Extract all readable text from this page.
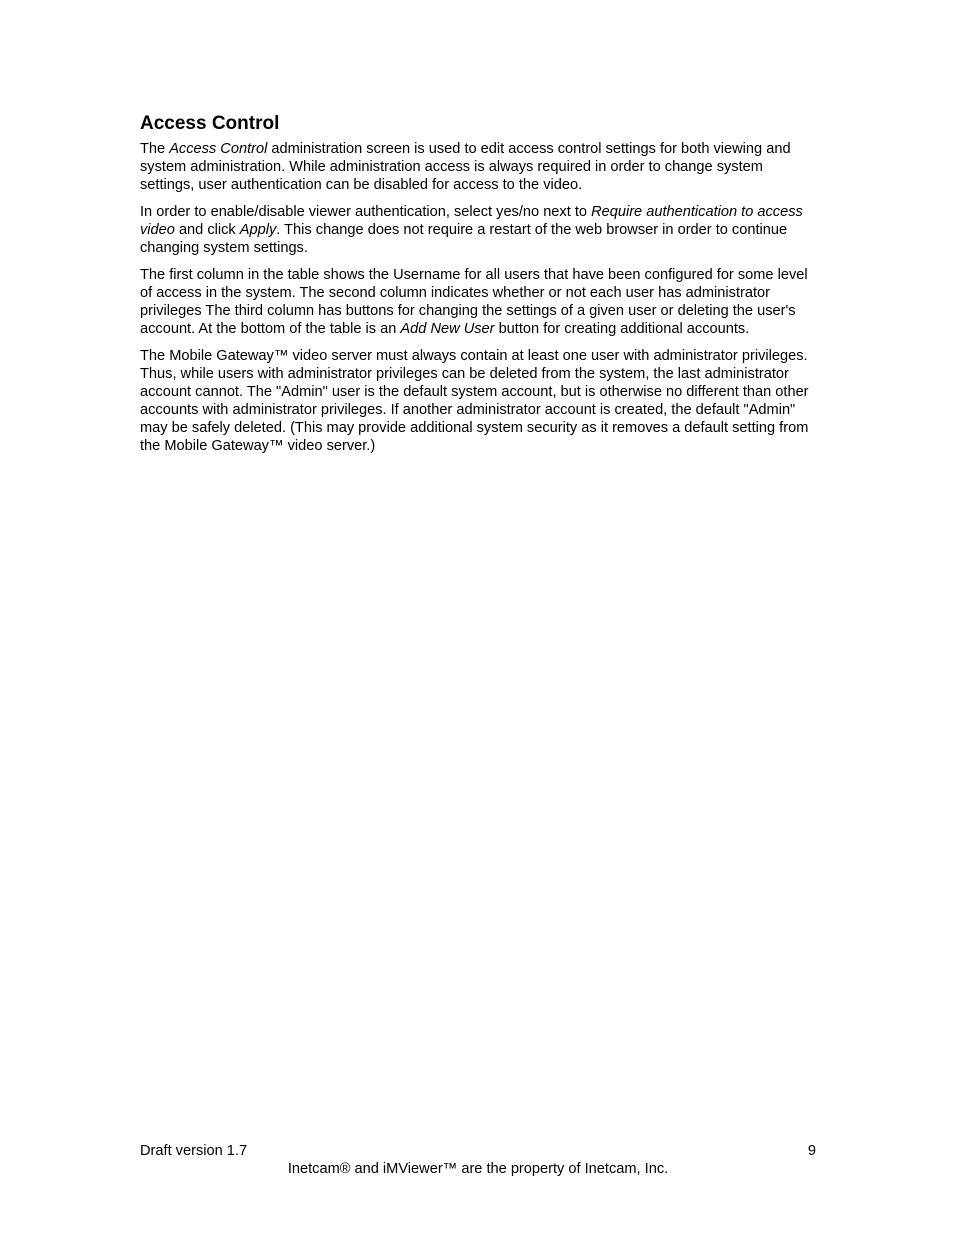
Access Control

The Access Control administration screen is used to edit access control settings for both viewing and system administration. While administration access is always required in order to change system settings, user authentication can be disabled for access to the video.

In order to enable/disable viewer authentication, select yes/no next to Require authentication to access video and click Apply. This change does not require a restart of the web browser in order to continue changing system settings.

The first column in the table shows the Username for all users that have been configured for some level of access in the system. The second column indicates whether or not each user has administrator privileges The third column has buttons for changing the settings of a given user or deleting the user's account. At the bottom of the table is an Add New User button for creating additional accounts.

The Mobile Gateway™ video server must always contain at least one user with administrator privileges. Thus, while users with administrator privileges can be deleted from the system, the last administrator account cannot. The "Admin" user is the default system account, but is otherwise no different than other accounts with administrator privileges. If another administrator account is created, the default "Admin" may be safely deleted. (This may provide additional system security as it removes a default setting from the Mobile Gateway™ video server.)

Draft version 1.7	9
Inetcam® and iMViewer™ are the property of Inetcam, Inc.
